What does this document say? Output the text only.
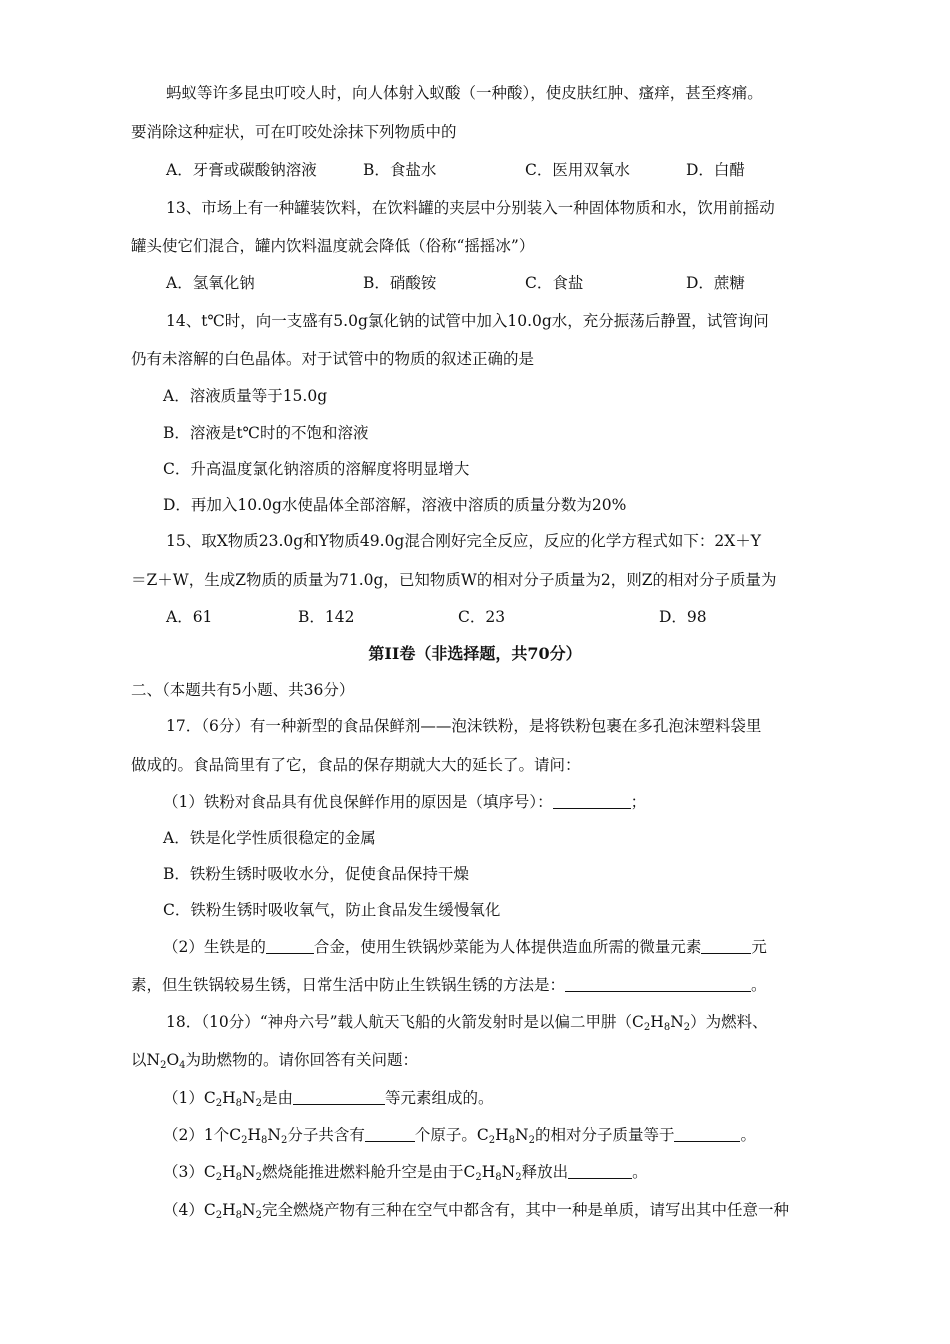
蚂蚁等许多昆虫叮咬人时，向人体射入蚁酸（一种酸），使皮肤红肿、瘙痒，甚至疼痛。
要消除这种症状，可在叮咬处涂抹下列物质中的
A．牙膏或碳酸钠溶液	B．食盐水	C．医用双氧水	D．白醋
13、市场上有一种罐装饮料，在饮料罐的夹层中分别装入一种固体物质和水，饮用前摇动
罐头使它们混合，罐内饮料温度就会降低（俗称“摇摇冰”）
A．氢氧化钠	B．硝酸铵	C．食盐	D．蔗糖
14、t℃时，向一支盛有5.0g氯化钠的试管中加入10.0g水，充分振荡后静置，试管询问
仍有未溶解的白色晶体。对于试管中的物质的叙述正确的是
A．溶液质量等于15.0g
B．溶液是t℃时的不饱和溶液
C．升高温度氯化钠溶质的溶解度将明显增大
D．再加入10.0g水使晶体全部溶解，溶液中溶质的质量分数为20%
15、取X物质23.0g和Y物质49.0g混合刚好完全反应，反应的化学方程式如下：2X＋Y
＝Z＋W，生成Z物质的质量为71.0g，已知物质W的相对分子质量为2，则Z的相对分子质量为
A．61	B．142	C．23	D．98
第II卷（非选择题，共70分）
二、（本题共有5小题、共36分）
17．（6分）有一种新型的食品保鲜剂——泡沫铁粉，是将铁粉包裹在多孔泡沫塑料袋里
做成的。食品筒里有了它，食品的保存期就大大的延长了。请问：
（1）铁粉对食品具有优良保鲜作用的原因是（填序号）：	；
A．铁是化学性质很稳定的金属
B．铁粉生锈时吸收水分，促使食品保持干燥
C．铁粉生锈时吸收氧气，防止食品发生缓慢氧化
（2）生铁是的	合金，使用生铁锅炒菜能为人体提供造血所需的微量元素	元
素，但生铁锅较易生锈，日常生活中防止生铁锅生锈的方法是：	。
18．（10分）“神舟六号”载人航天飞船的火箭发射时是以偏二甲肼$(C_2H_8N_2)$为燃料、
以$N_2O_4$为助燃物的。请你回答有关问题：
$(1)C_2H_8N_2$是由	等元素组成的。
（2）1个$C_2H_8N_2$分子共含有	个原子。$C_2H_8N_2$的相对分子质量等于	。
$(3)C_2H_8N_2$燃烧能推进燃料舱升空是由于$C_2H_8N_2$释放出	。
$(4)C_2H_8N_2$完全燃烧产物有三种在空气中都含有，其中一种是单质，请写出其中任意一种
